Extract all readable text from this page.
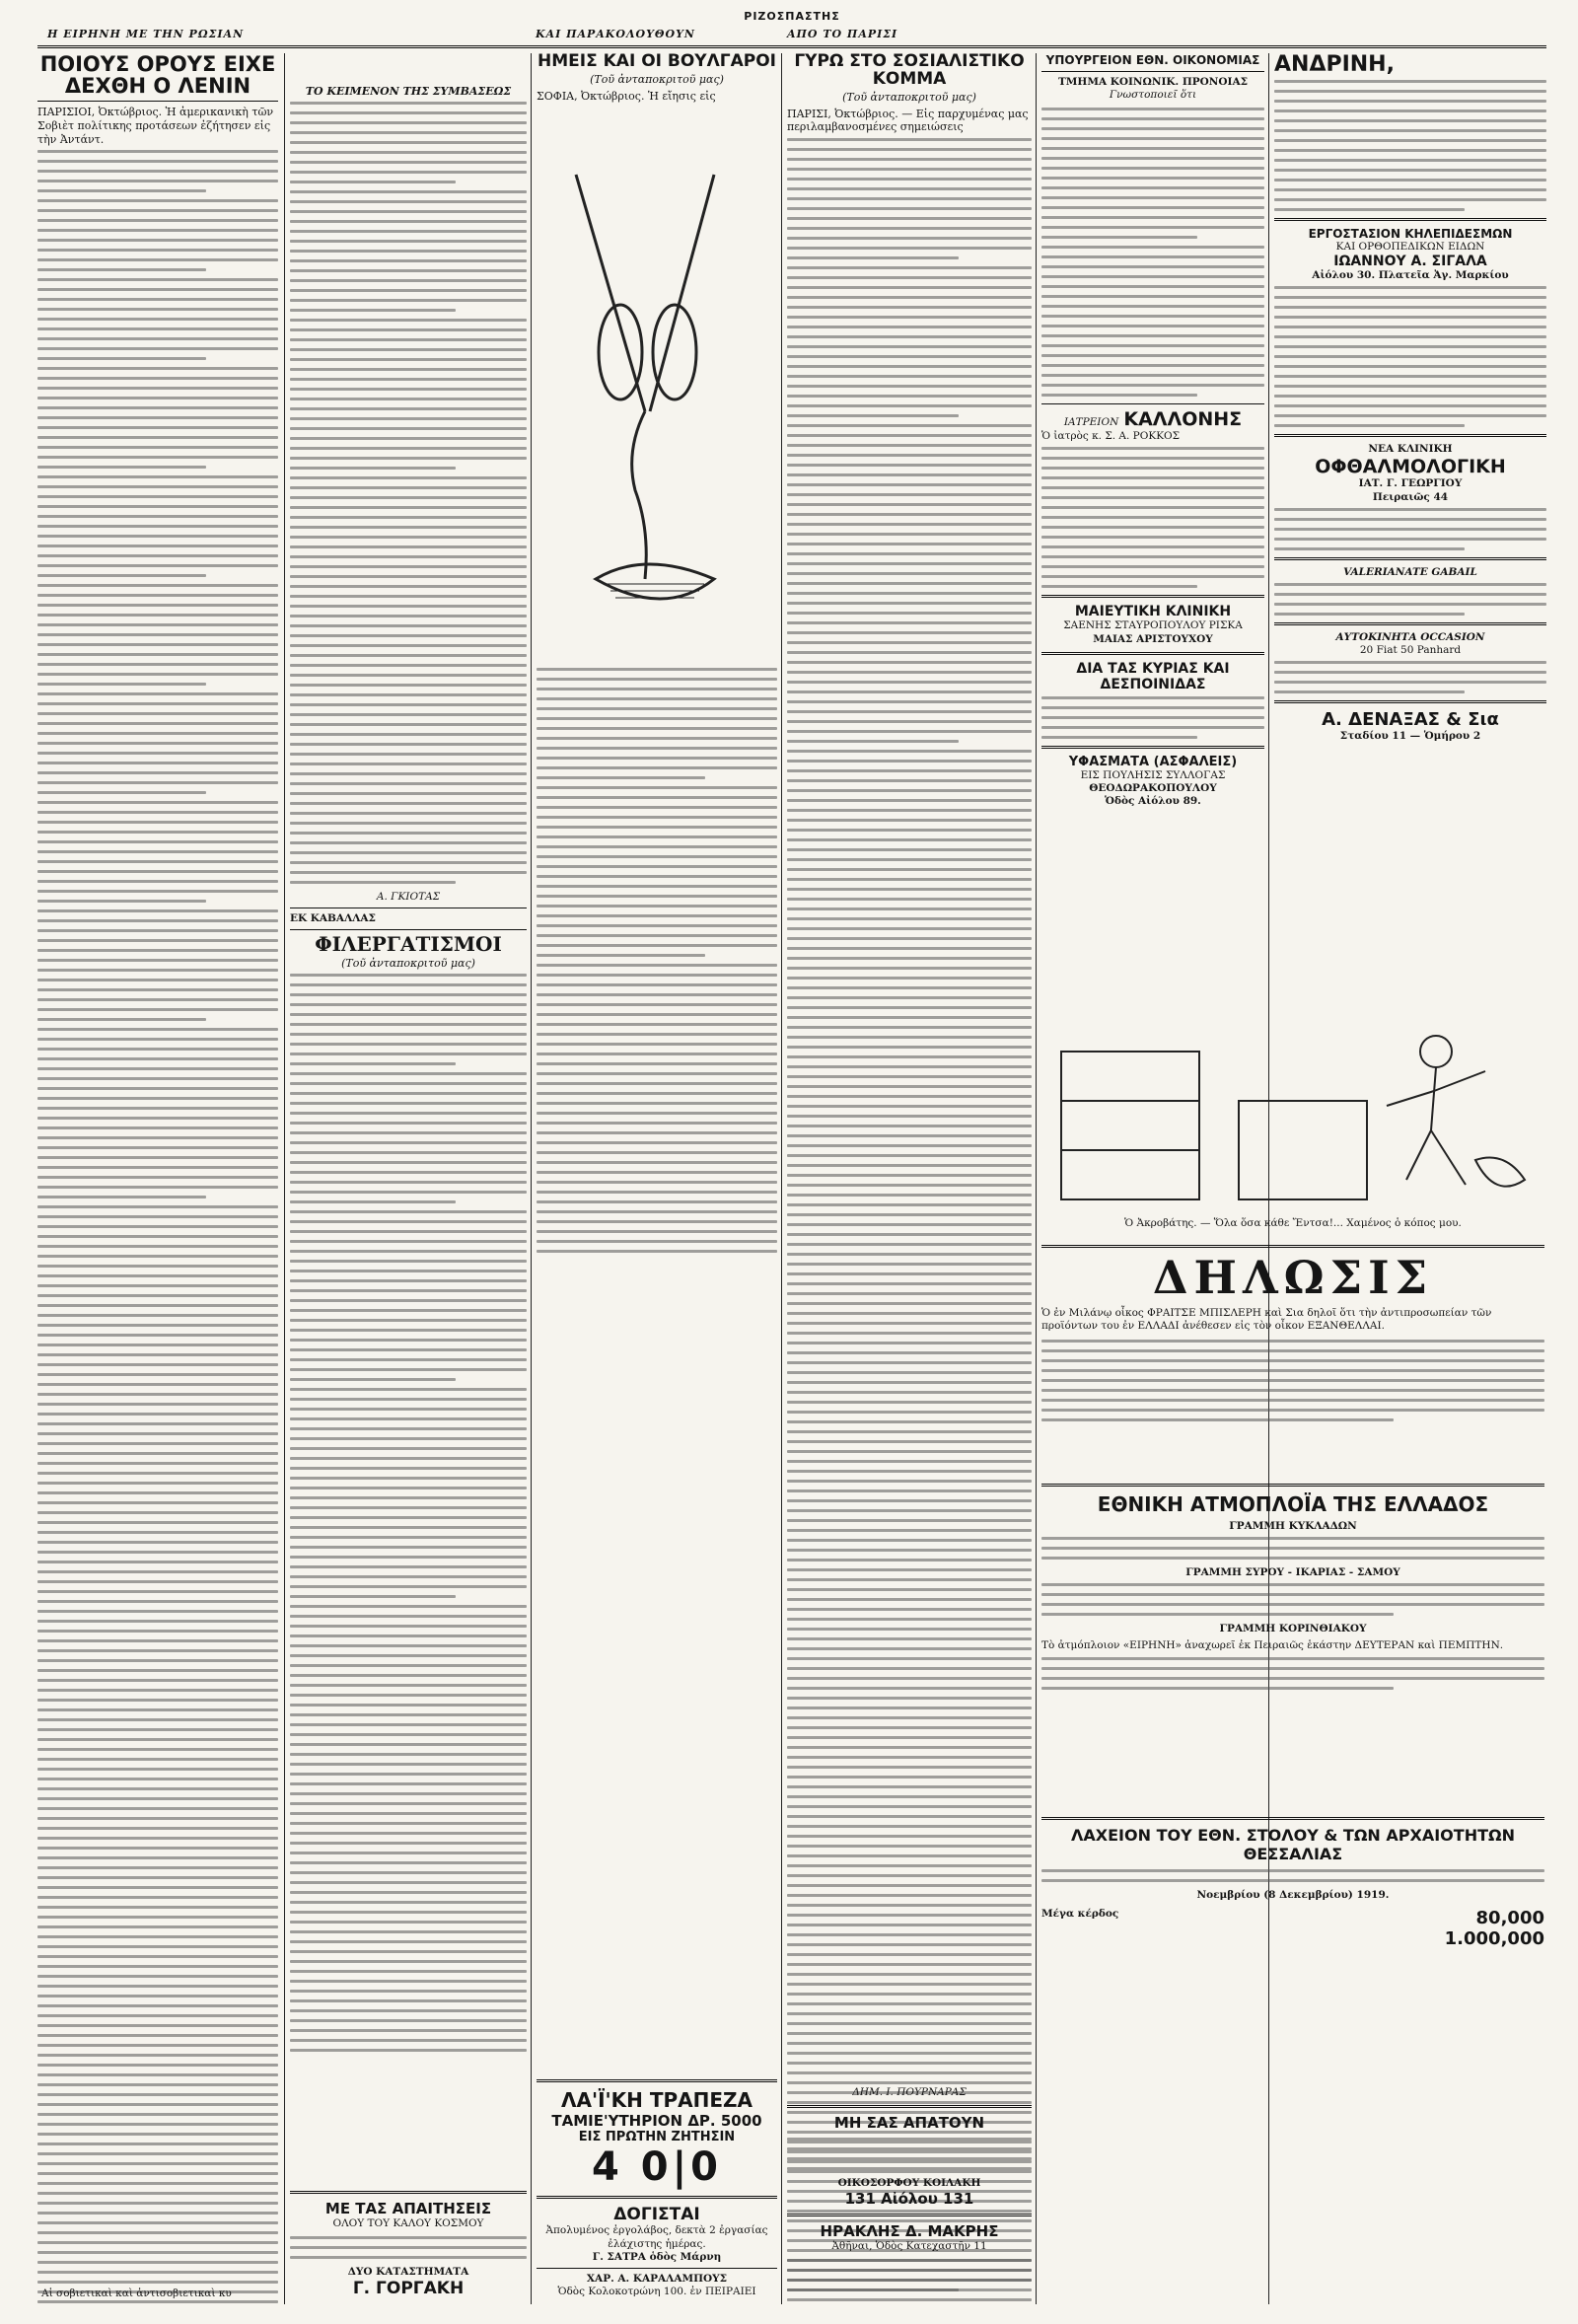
ΡΙΖΟΣΠΑΣΤΗΣ
Η ΕΙΡΗΝΗ ΜΕ ΤΗΝ ΡΩΣΙΑΝ	ΚΑΙ ΠΑΡΑΚΟΛΟΥΘΟΥΝ	ΑΠΟ ΤΟ ΠΑΡΙΣΙ
ΠΟΙΟΥΣ ΟΡΟΥΣ ΕΙΧΕ ΔΕΧΘΗ Ο ΛΕΝΙΝ
ΠΑΡΙΣΙΟΙ, Ὀκτώβριος. Ἡ ἀμερικανικὴ τῶν Σοβιὲτ πολίτικης προτάσεων ἐζήτησεν εἰς τὴν Ἀντάντ.
Αἱ σοβιετικαὶ καὶ ἀντισοβιετικαὶ κυ
ΤΟ ΚΕΙΜΕΝΟΝ ΤΗΣ ΣΥΜΒΑΣΕΩΣ
Α. ΓΚΙΟΤΑΣ
ΕΚ ΚΑΒΑΛΛΑΣ
ΦΙΛΕΡΓΑΤΙΣΜΟΙ
(Τοῦ ἀνταποκριτοῦ μας)
ΜΕ ΤΑΣ ΑΠΑΙΤΗΣΕΙΣ
ΟΛΟΥ ΤΟΥ ΚΑΛΟΥ ΚΟΣΜΟΥ
ΔΥΟ ΚΑΤΑΣΤΗΜΑΤΑ
Γ. ΓΟΡΓΑΚΗ
ΗΜΕΙΣ ΚΑΙ ΟΙ ΒΟΥΛΓΑΡΟΙ
(Τοῦ ἀνταποκριτοῦ μας)
ΣΟΦΙΑ, Ὀκτώβριος. Ἡ εἴησις εἰς
ΛΑ'Ϊ'ΚΗ ΤΡΑΠΕΖΑ
ΤΑΜΙΕ'ΥΤΗΡΙΟΝ ΔΡ. 5000
ΕΙΣ ΠΡΩΤΗΝ ΖΗΤΗΣΙΝ
4 0|0
ΔΟΓΙΣΤΑΙ
Ἀπολυμένος ἐργολάβος, δεκτὰ 2 ἐργασίας ἐλάχιστης ἡμέρας.
Γ. ΣΑΤΡΑ ὁδὸς Μάρνη
ΧΑΡ. Α. ΚΑΡΑΛΑΜΠΟΥΣ
Ὁδὸς Κολοκοτρώνη 100. ἐν ΠΕΙΡΑΙΕΙ
ΓΥΡΩ ΣΤΟ ΣΟΣΙΑΛΙΣΤΙΚΟ ΚΟΜΜΑ
(Τοῦ ἀνταποκριτοῦ μας)
ΠΑΡΙΣΙ, Ὀκτώβριος. — Εἰς παρχυμένας μας περιλαμβανοσμένες σημειώσεις
ΔΗΜ. Ι. ΠΟΥΡΝΑΡΑΣ
ΜΗ ΣΑΣ ΑΠΑΤΟΥΝ
ΟΙΚΟΣΟΡΦΟΥ ΚΟΙΛΑΚΗ
131 Αἰόλου 131
ΗΡΑΚΛΗΣ Δ. ΜΑΚΡΗΣ
Ἀθῆναι, Ὁδὸς Κατεχαστῆν 11
ΥΠΟΥΡΓΕΙΟΝ ΕΘΝ. ΟΙΚΟΝΟΜΙΑΣ
ΤΜΗΜΑ ΚΟΙΝΩΝΙΚ. ΠΡΟΝΟΙΑΣ
Γνωστοποιεῖ ὅτι
ΙΑΤΡΕΙΟΝ ΚΑΛΛΟΝΗΣ
Ὁ ἰατρὸς κ. Σ. Α. ΡΟΚΚΟΣ
ΜΑΙΕΥΤΙΚΗ ΚΛΙΝΙΚΗ
ΣΑΕΝΗΣ ΣΤΑΥΡΟΠΟΥΛΟΥ ΡΙΣΚΑ
ΜΑΙΑΣ ΑΡΙΣΤΟΥΧΟΥ
ΔΙΑ ΤΑΣ ΚΥΡΙΑΣ ΚΑΙ ΔΕΣΠΟΙΝΙΔΑΣ
ΥΦΑΣΜΑΤΑ (ΑΣΦΑΛΕΙΣ)
ΕΙΣ ΠΟΥΛΗΣΙΣ ΣΥΛΛΟΓΑΣ
ΘΕΟΔΩΡΑΚΟΠΟΥΛΟΥ
Ὁδὸς Αἰόλου 89.
ΑΝΔΡΙΝΗ,
ΕΡΓΟΣΤΑΣΙΟΝ ΚΗΛΕΠΙΔΕΣΜΩΝ
ΚΑΙ ΟΡΘΟΠΕΔΙΚΩΝ ΕΙΔΩΝ
ΙΩΑΝΝΟΥ Α. ΣΙΓΑΛΑ
Αἰόλου 30. Πλατεῖα Ἀγ. Μαρκίου
ΝΕΑ ΚΛΙΝΙΚΗ
ΟΦΘΑΛΜΟΛΟΓΙΚΗ
ΙΑΤ. Γ. ΓΕΩΡΓΙΟΥ
Πειραιῶς 44
VALERIANATE GABAIL
ΑΥΤΟΚΙΝΗΤΑ OCCASION
20 Fiat 50 Panhard
Α. ΔΕΝΑΞΑΣ & Σια
Σταδίου 11 — Ὁμήρου 2
Ὁ Ἀκροβάτης. — Ὅλα ὅσα κάθε Ἔντσα!... Χαμένος ὁ κόπος μου.
ΔΗΛΩΣΙΣ
Ὁ ἐν Μιλάνῳ οἶκος ΦΡΑΙΤΣΕ ΜΠΙΣΛΕΡΗ καὶ Σια δηλοῖ ὅτι τὴν ἀντιπροσωπείαν τῶν προϊόντων του ἐν ΕΛΛΑΔΙ ἀνέθεσεν εἰς τὸν οἶκον ΕΞΑΝΘΕΛΛΑΙ.
ΕΘΝΙΚΗ ΑΤΜΟΠΛΟΪΑ ΤΗΣ ΕΛΛΑΔΟΣ
ΓΡΑΜΜΗ ΚΥΚΛΑΔΩΝ
ΓΡΑΜΜΗ ΣΥΡΟΥ - ΙΚΑΡΙΑΣ - ΣΑΜΟΥ
ΓΡΑΜΜΗ ΚΟΡΙΝΘΙΑΚΟΥ
Τὸ ἀτμόπλοιον «ΕΙΡΗΝΗ» ἀναχωρεῖ ἐκ Πειραιῶς ἑκάστην ΔΕΥΤΕΡΑΝ καὶ ΠΕΜΠΤΗΝ.
ΛΑΧΕΙΟΝ ΤΟΥ ΕΘΝ. ΣΤΟΛΟΥ & ΤΩΝ ΑΡΧΑΙΟΤΗΤΩΝ ΘΕΣΣΑΛΙΑΣ
Νοεμβρίου (8 Δεκεμβρίου) 1919.
Μέγα κέρδος	80,000
1.000,000
